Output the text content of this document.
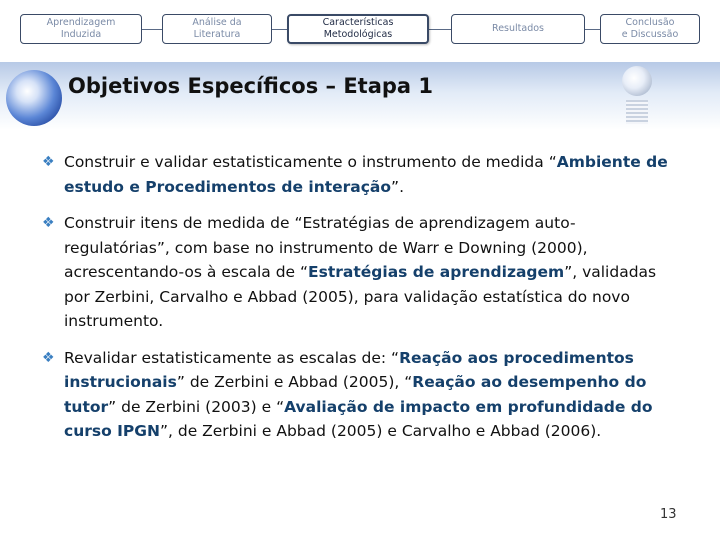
Aprendizagem
Induzida
Análise da
Literatura
Características
Metodológicas
Resultados
Conclusão
e Discussão
Objetivos Específicos – Etapa 1
❖ Construir e validar estatisticamente o instrumento de medida “Ambiente de estudo e Procedimentos de interação”.
❖ Construir itens de medida de “Estratégias de aprendizagem auto-regulatórias”, com base no instrumento de Warr e Downing (2000), acrescentando-os à escala de “Estratégias de aprendizagem”, validadas por Zerbini, Carvalho e Abbad (2005), para validação estatística do novo instrumento.
❖ Revalidar estatisticamente as escalas de: “Reação aos procedimentos instrucionais” de Zerbini e Abbad (2005), “Reação ao desempenho do tutor” de Zerbini (2003) e “Avaliação de impacto em profundidade do curso IPGN”, de Zerbini e Abbad (2005) e Carvalho e Abbad (2006).
13
